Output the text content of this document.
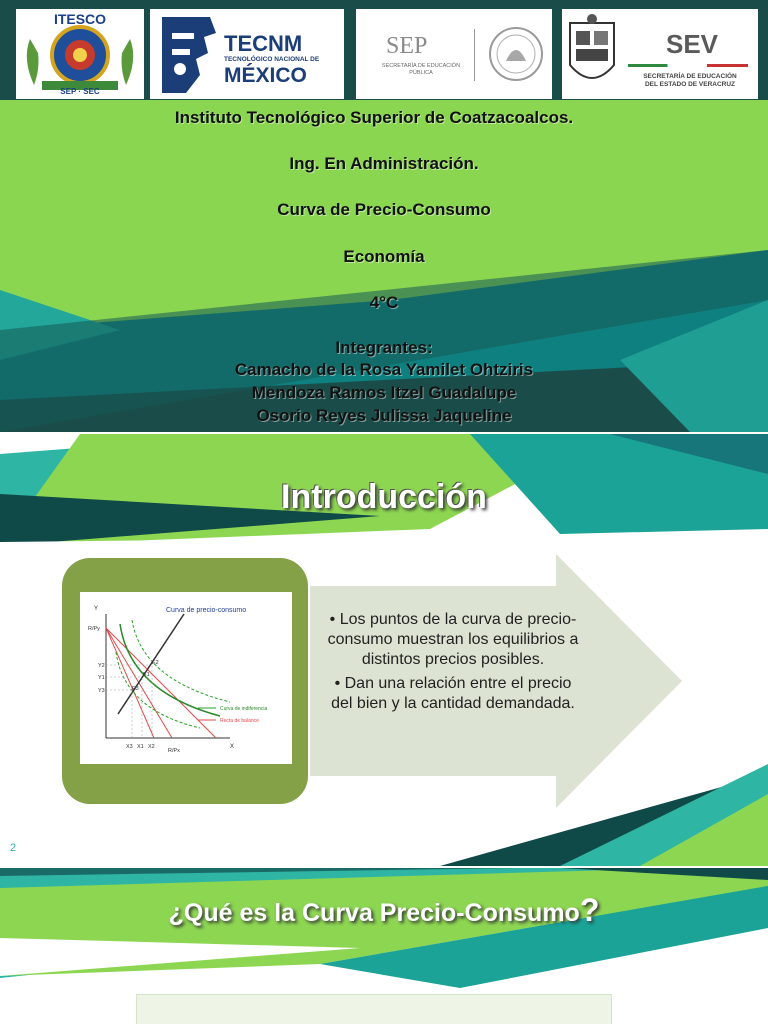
ITESCO
SEP · SEC
TECNM
TECNOLÓGICO NACIONAL DE
MÉXICO
SEP
SECRETARÍA DE EDUCACIÓN PÚBLICA
SEV
SECRETARÍA DE EDUCACIÓN
DEL ESTADO DE VERACRUZ
Instituto Tecnológico Superior de Coatzacoalcos.
Ing. En Administración.
Curva de Precio-Consumo
Economía
4°C
Integrantes:
Camacho de la Rosa Yamilet Ohtziris
Mendoza Ramos Itzel Guadalupe
Osorio Reyes Julissa Jaqueline
Introducción
Curva de precio-consumo
Y
X
R/Py
R/Px
Y2
Y1
Y3
X3 X1 X2
E2
E1
E3
Curva de indiferencia
Recta de balance
• Los puntos de la curva de precio-consumo muestran los equilibrios a distintos precios posibles.
• Dan una relación entre el precio del bien y la cantidad demandada.
2
¿Qué es la Curva Precio-Consumo?
